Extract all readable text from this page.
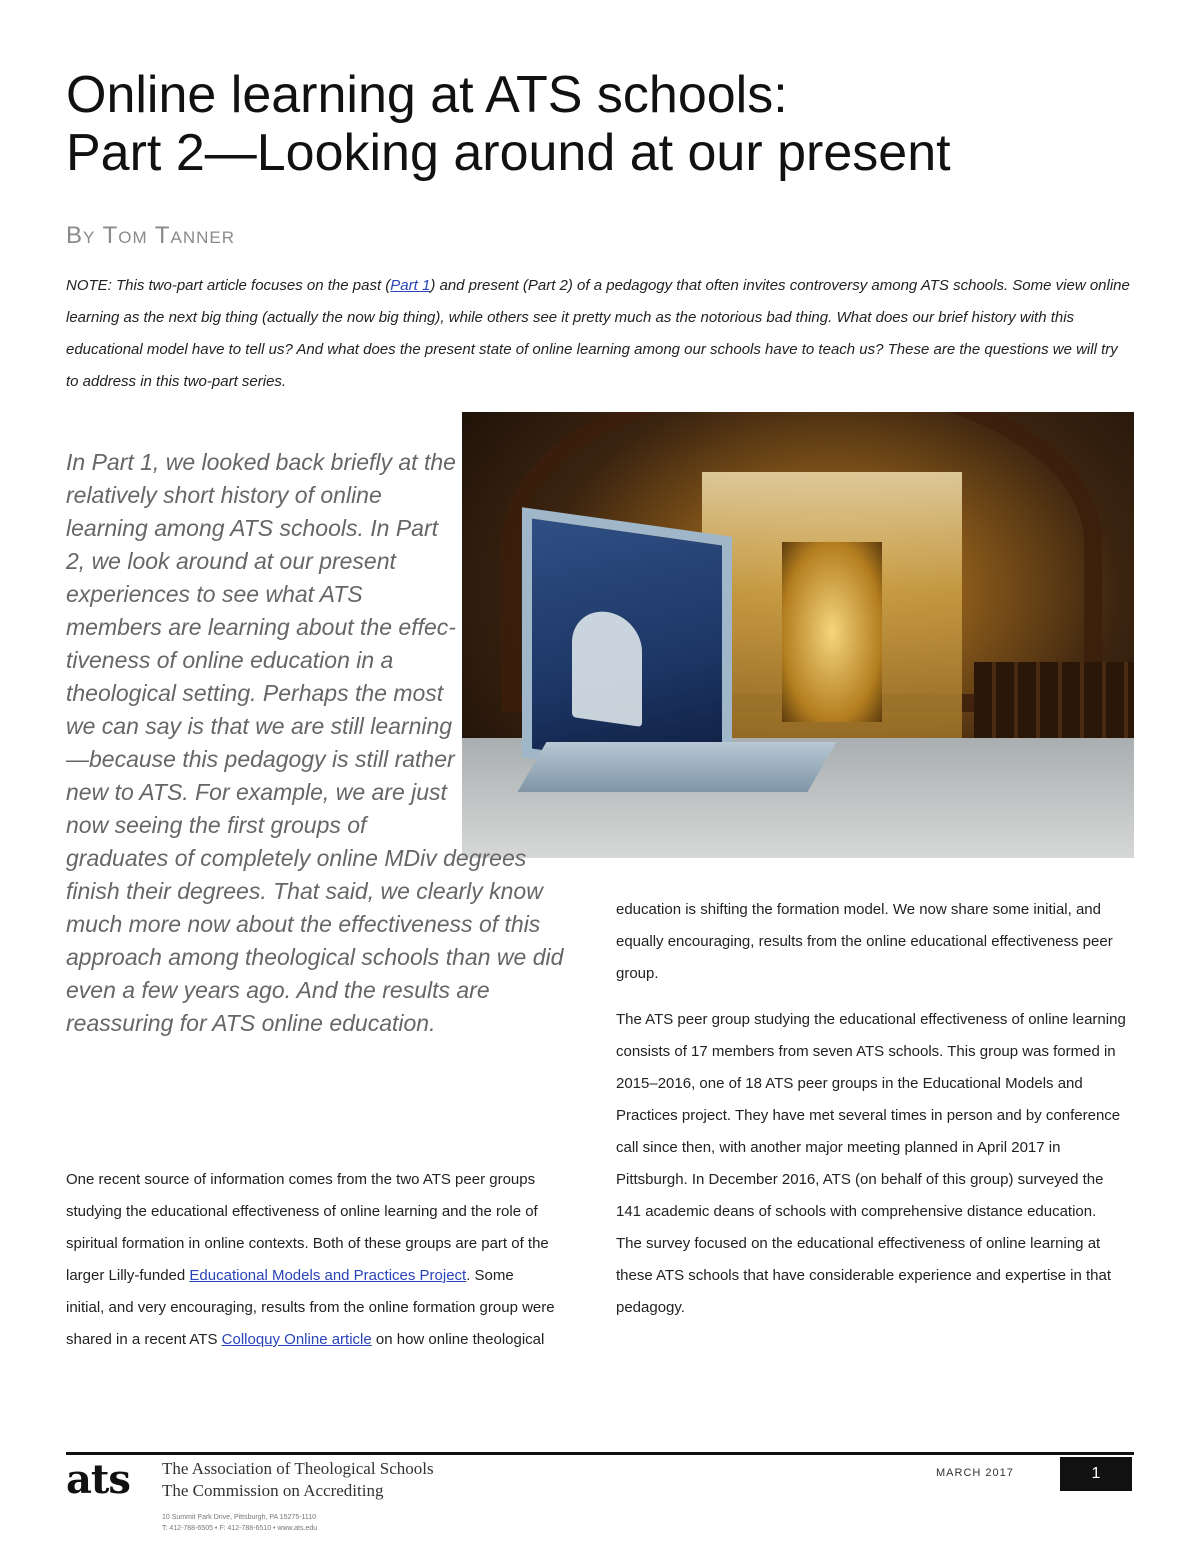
Online learning at ATS schools:
Part 2—Looking around at our present
By Tom Tanner

NOTE: This two-part article focuses on the past (Part 1) and present (Part 2) of a pedagogy that often invites controversy among ATS schools. Some view online learning as the next big thing (actually the now big thing), while others see it pretty much as the notorious bad thing. What does our brief history with this educational model have to tell us? And what does the present state of online learning among our schools have to teach us? These are the questions we will try to address in this two-part series.

In Part 1, we looked back briefly at the relatively short history of online learning among ATS schools. In Part 2, we look around at our present experiences to see what ATS members are learning about the effectiveness of online education in a theological setting. Perhaps the most we can say is that we are still learning—because this pedagogy is still rather new to ATS. For example, we are just now seeing the first groups of
graduates of completely online MDiv degrees finish their degrees. That said, we clearly know much more now about the effectiveness of this approach among theological schools than we did even a few years ago. And the results are reassuring for ATS online education.

One recent source of information comes from the two ATS peer groups studying the educational effectiveness of online learning and the role of spiritual formation in online contexts. Both of these groups are part of the larger Lilly-funded Educational Models and Practices Project. Some initial, and very encouraging, results from the online formation group were shared in a recent ATS Colloquy Online article on how online theological

education is shifting the formation model. We now share some initial, and equally encouraging, results from the online educational effectiveness peer group.

The ATS peer group studying the educational effectiveness of online learning consists of 17 members from seven ATS schools. This group was formed in 2015–2016, one of 18 ATS peer groups in the Educational Models and Practices project. They have met several times in person and by conference call since then, with another major meeting planned in April 2017 in Pittsburgh. In December 2016, ATS (on behalf of this group) surveyed the 141 academic deans of schools with comprehensive distance education. The survey focused on the educational effectiveness of online learning at these ATS schools that have considerable experience and expertise in that pedagogy.

ats	The Association of Theological Schools
The Commission on Accrediting
10 Summit Park Drive, Pittsburgh, PA 15275-1110
T: 412-788-6505 • F: 412-788-6510 • www.ats.edu
MARCH 2017	1
